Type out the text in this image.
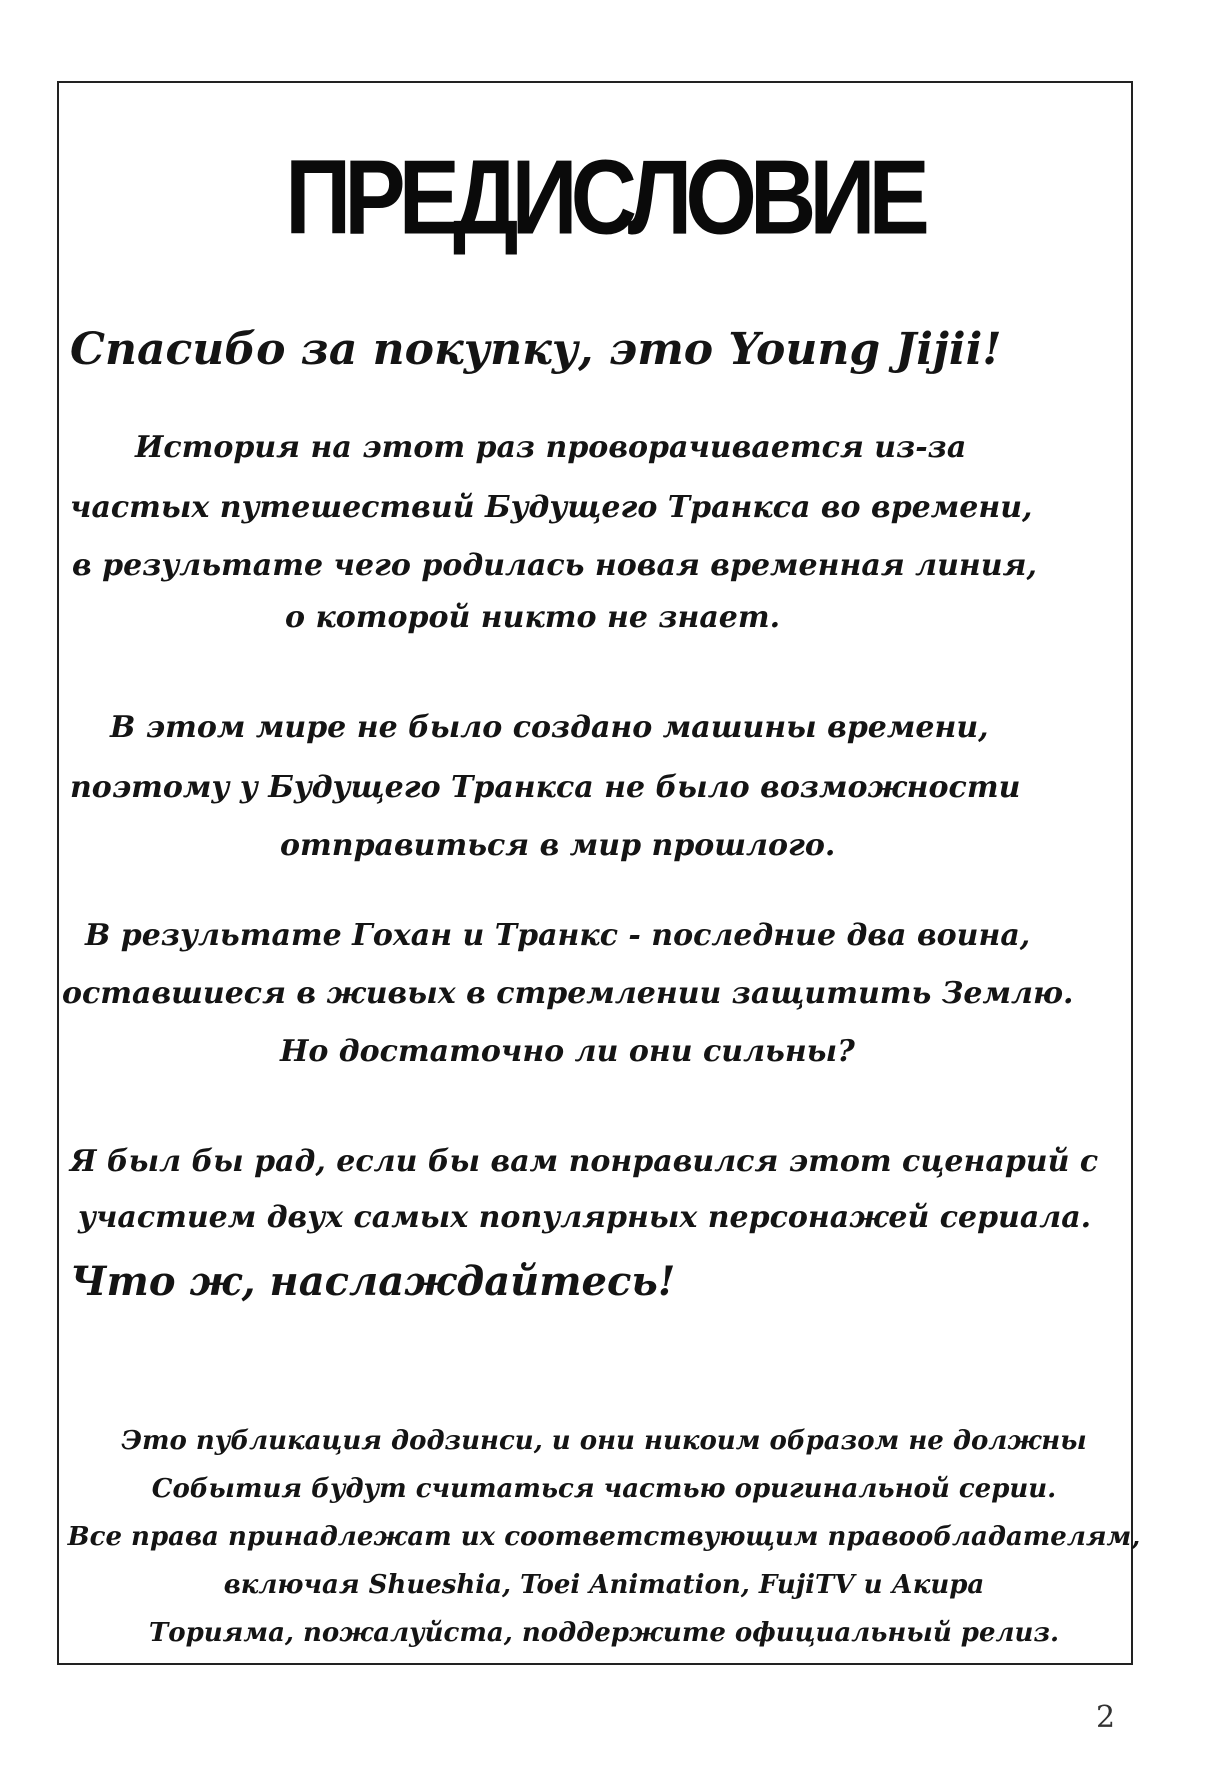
ПРЕДИСЛОВИЕ
Спасибо за покупку, это Young Jijii!
История на этот раз проворачивается из-за
частых путешествий Будущего Транкса во времени,
в результате чего родилась новая временная линия,
о которой никто не знает.
В этом мире не было создано машины времени,
поэтому у Будущего Транкса не было возможности
отправиться в мир прошлого.
В результате Гохан и Транкс - последние два воина,
оставшиеся в живых в стремлении защитить Землю.
Но достаточно ли они сильны?
Я был бы рад, если бы вам понравился этот сценарий с
участием двух самых популярных персонажей сериала.
Что ж, наслаждайтесь!
Это публикация додзинси, и они никоим образом не должны
События будут считаться частью оригинальной серии.
Все права принадлежат их соответствующим правообладателям,
включая Shueshia, Toei Animation, FujiTV и Акира
Торияма, пожалуйста, поддержите официальный релиз.
2
